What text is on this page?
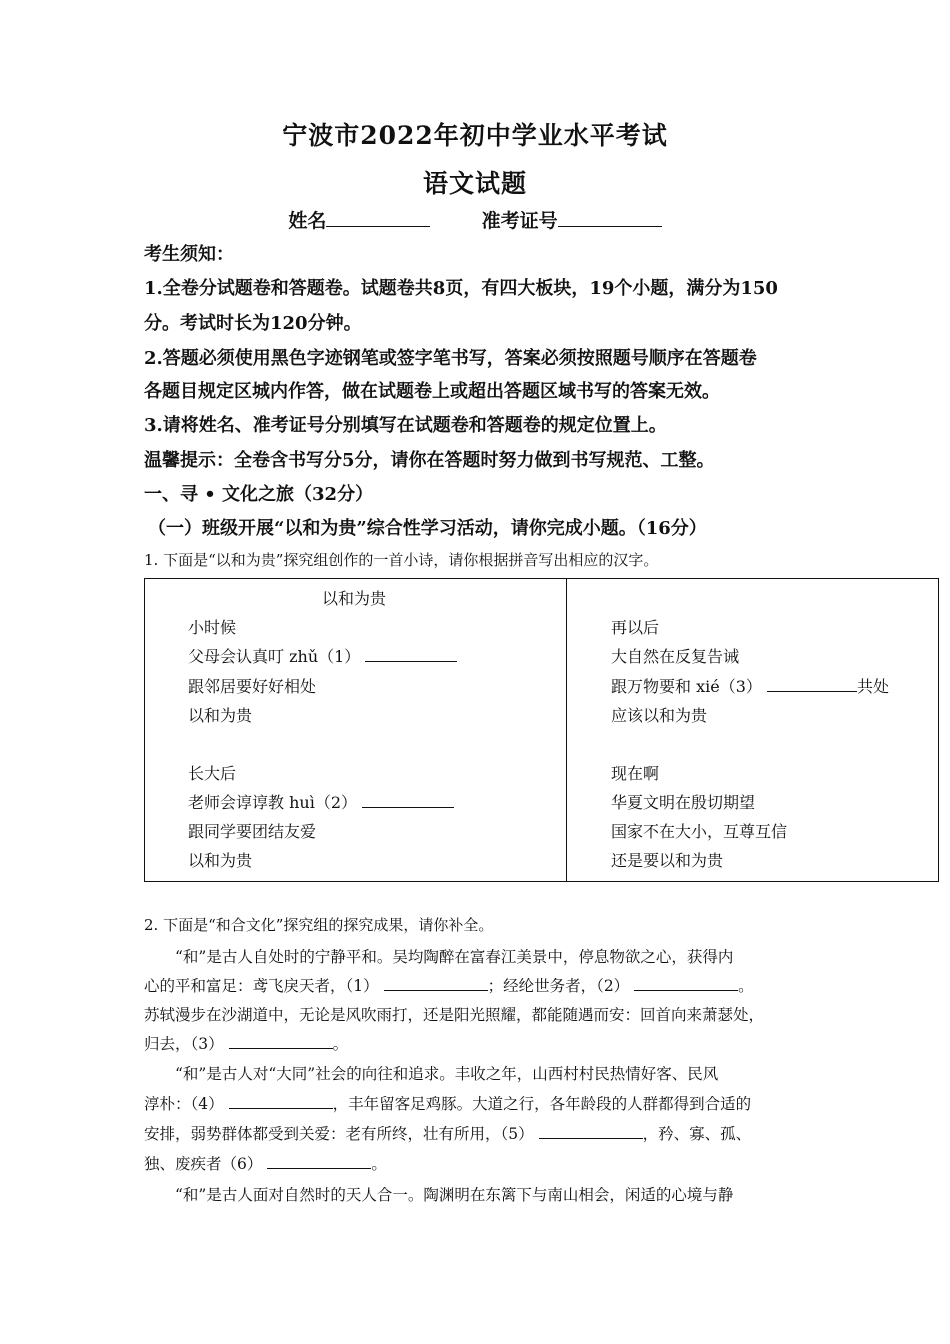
宁波市2022年初中学业水平考试
语文试题
姓名	准考证号
考生须知：
1.全卷分试题卷和答题卷。试题卷共8页，有四大板块，19个小题，满分为150
分。考试时长为120分钟。
2.答题必须使用黑色字迹钢笔或签字笔书写，答案必须按照题号顺序在答题卷
各题目规定区城内作答，做在试题卷上或超出答题区域书写的答案无效。
3.请将姓名、准考证号分别填写在试题卷和答题卷的规定位置上。
温馨提示：全卷含书写分5分，请你在答题时努力做到书写规范、工整。
一、寻 • 文化之旅（32分）
（一）班级开展“以和为贵”综合性学习活动，请你完成小题。（16分）
1. 下面是“以和为贵”探究组创作的一首小诗，请你根据拼音写出相应的汉字。
以和为贵
小时候
父母会认真叮 zhǔ（1）
跟邻居要好好相处
以和为贵
长大后
老师会谆谆教 huì（2）
跟同学要团结友爱
以和为贵
再以后
大自然在反复告诫
跟万物要和 xié（3）	共处
应该以和为贵
现在啊
华夏文明在殷切期望
国家不在大小，互尊互信
还是要以和为贵
2. 下面是“和合文化”探究组的探究成果，请你补全。
“和”是古人自处时的宁静平和。吴均陶醉在富春江美景中，停息物欲之心，获得内
心的平和富足：鸢飞戾天者，（1）	；经纶世务者，（2）	。
苏轼漫步在沙湖道中，无论是风吹雨打，还是阳光照耀，都能随遇而安：回首向来萧瑟处，
归去，（3）	。
“和”是古人对“大同”社会的向往和追求。丰收之年，山西村村民热情好客、民风
淳朴：（4）	，丰年留客足鸡豚。大道之行，各年龄段的人群都得到合适的
安排，弱势群体都受到关爱：老有所终，壮有所用，（5）	，矜、寡、孤、
独、废疾者（6）	。
“和”是古人面对自然时的天人合一。陶渊明在东篱下与南山相会，闲适的心境与静
